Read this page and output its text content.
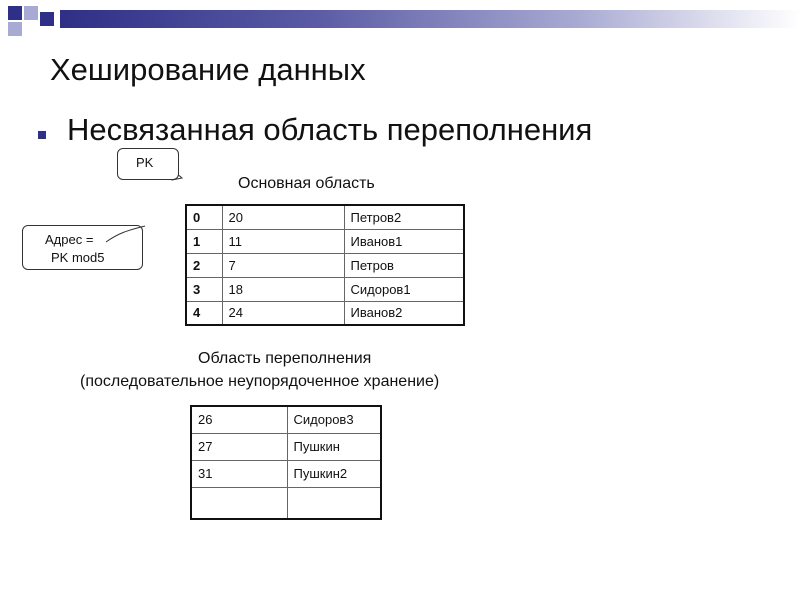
Хеширование данных
Несвязанная область переполнения
PK
Адрес =
PK mod5
Основная область
0	20	Петров2
1	11	Иванов1
2	7	Петров
3	18	Сидоров1
4	24	Иванов2
Область переполнения
(последовательное неупорядоченное хранение)
26	Сидоров3
27	Пушкин
31	Пушкин2
